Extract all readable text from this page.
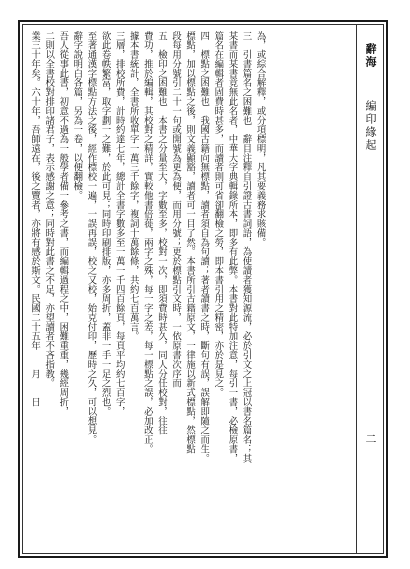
為，或綜合解釋，或分項標明，凡其要義務求賅備。
三　引書篇名之困難也　辭目注釋自引證古書詞語，為使讀者獲知源流，必於引文之上冠以書名篇名；其
某書而某書竟無此名者，中華大字典輯錄所本，即多有此弊。本書對此特加注意，每引一書，必檢原書，
篇名在編輯者固費時甚多，而讀者則可省卻翻檢之勞，即本書引用之精密，亦於是見之。
四　標點之困難也　我國古籍向無標點，讀者須自為句讀；著者讀書之時，斷句有誤，誤解即隨之而生。
標點，加以標點之後，則文義顯豁，讀者可一目了然。本書所引古籍原文，一律施以新式標點，然標點
段每用分號引二十一句或開號為更為便，而用分號；更於標點引文時，一依原書次序而
五　檢印之困難也　本書之分量至大，字數至多，校對一次，即須費時甚久，同人分任校對，往往
費功，推於編輯，其校對之精詳，實較他書倍蓰，兩字之殊，每一字之差，每一標點之誤，必加改正。
據本書統計，全書所收單字一萬三千餘字，複詞十萬餘條，共約七百萬言。
三層，排校所費，計時約達七年，總計全書字數多至一萬一千四百餘頁，每頁平均約七百字，
欲此卷帙繁富，取字劃一之難，於此可見；同時印刷排版，亦多周折，蓋非一手一足之烈也。
至著通漢字標點方法之後，經作標校一遍，一誤再誤，校之又校，始克付印，歷時之久，可以想見。
辭字說明白各篇，另為一卷，以便翻檢。
吾人從事此書，初意不過為一般學者備一參考之書，而編輯過程之中，困難重重，幾經周折，
二則以全書校對排印諸君子，表示感謝之意；同時對此書之不足，亦望讀者不吝指教。
業三十年矣。六十年，吾師遠在，後之覽者，亦將有感於斯文。民國二十五年　　月　　日	辭海
編印緣起
二
